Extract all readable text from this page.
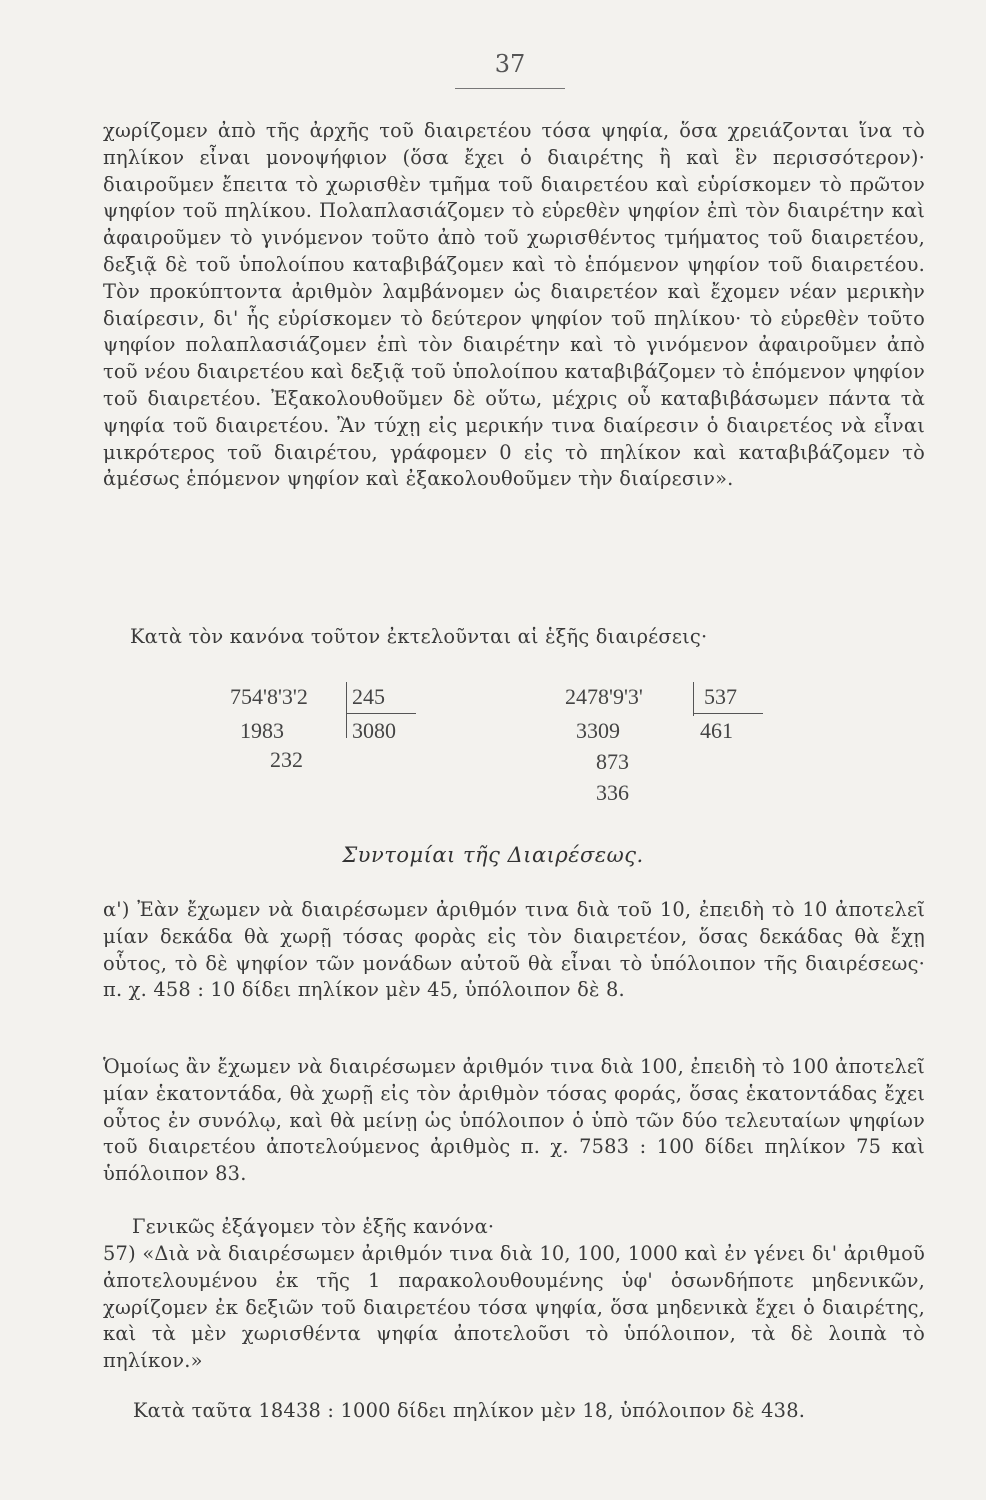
37
χωρίζομεν ἀπὸ τῆς ἀρχῆς τοῦ διαιρετέου τόσα ψηφία, ὅσα χρειάζονται ἵνα τὸ πηλίκον εἶναι μονοψήφιον (ὅσα ἔχει ὁ διαιρέτης ἢ καὶ ἓν περισσότερον)· διαιροῦμεν ἔπειτα τὸ χωρισθὲν τμῆμα τοῦ διαιρετέου καὶ εὑρίσκομεν τὸ πρῶτον ψηφίον τοῦ πηλίκου. Πολαπλασιάζομεν τὸ εὑρεθὲν ψηφίον ἐπὶ τὸν διαιρέτην καὶ ἀφαιροῦμεν τὸ γινόμενον τοῦτο ἀπὸ τοῦ χωρισθέντος τμήματος τοῦ διαιρετέου, δεξιᾷ δὲ τοῦ ὑπολοίπου καταβιβάζομεν καὶ τὸ ἑπόμενον ψηφίον τοῦ διαιρετέου. Τὸν προκύπτοντα ἀριθμὸν λαμβάνομεν ὡς διαιρετέον καὶ ἔχομεν νέαν μερικὴν διαίρεσιν, δι' ἧς εὑρίσκομεν τὸ δεύτερον ψηφίον τοῦ πηλίκου· τὸ εὑρεθὲν τοῦτο ψηφίον πολαπλασιάζομεν ἐπὶ τὸν διαιρέτην καὶ τὸ γινόμενον ἀφαιροῦμεν ἀπὸ τοῦ νέου διαιρετέου καὶ δεξιᾷ τοῦ ὑπολοίπου καταβιβάζομεν τὸ ἑπόμενον ψηφίον τοῦ διαιρετέου. Ἐξακολουθοῦμεν δὲ οὕτω, μέχρις οὗ καταβιβάσωμεν πάντα τὰ ψηφία τοῦ διαιρετέου. Ἂν τύχῃ εἰς μερικήν τινα διαίρεσιν ὁ διαιρετέος νὰ εἶναι μικρότερος τοῦ διαιρέτου, γράφομεν 0 εἰς τὸ πηλίκον καὶ καταβιβάζομεν τὸ ἀμέσως ἑπόμενον ψηφίον καὶ ἐξακολουθοῦμεν τὴν διαίρεσιν».
Κατὰ τὸν κανόνα τοῦτον ἐκτελοῦνται αἱ ἑξῆς διαιρέσεις·
754'8'3'2 245
3080
1983
232
2478'9'3'	537
461
3309
873
336
Συντομίαι τῆς Διαιρέσεως.
α') Ἐὰν ἔχωμεν νὰ διαιρέσωμεν ἀριθμόν τινα διὰ τοῦ 10, ἐπειδὴ τὸ 10 ἀποτελεῖ μίαν δεκάδα θὰ χωρῇ τόσας φορὰς εἰς τὸν διαιρετέον, ὅσας δεκάδας θὰ ἔχῃ οὗτος, τὸ δὲ ψηφίον τῶν μονάδων αὐτοῦ θὰ εἶναι τὸ ὑπόλοιπον τῆς διαιρέσεως· π. χ. 458 : 10 δίδει πηλίκον μὲν 45, ὑπόλοιπον δὲ 8.
Ὁμοίως ἂν ἔχωμεν νὰ διαιρέσωμεν ἀριθμόν τινα διὰ 100, ἐπειδὴ τὸ 100 ἀποτελεῖ μίαν ἑκατοντάδα, θὰ χωρῇ εἰς τὸν ἀριθμὸν τόσας φοράς, ὅσας ἑκατοντάδας ἔχει οὗτος ἐν συνόλῳ, καὶ θὰ μείνῃ ὡς ὑπόλοιπον ὁ ὑπὸ τῶν δύο τελευταίων ψηφίων τοῦ διαιρετέου ἀποτελούμενος ἀριθμὸς π. χ. 7583 : 100 δίδει πηλίκον 75 καὶ ὑπόλοιπον 83.
Γενικῶς ἐξάγομεν τὸν ἑξῆς κανόνα·
57) «Διὰ νὰ διαιρέσωμεν ἀριθμόν τινα διὰ 10, 100, 1000 καὶ ἐν γένει δι' ἀριθμοῦ ἀποτελουμένου ἐκ τῆς 1 παρακολουθουμένης ὑφ' ὁσωνδήποτε μηδενικῶν, χωρίζομεν ἐκ δεξιῶν τοῦ διαιρετέου τόσα ψηφία, ὅσα μηδενικὰ ἔχει ὁ διαιρέτης, καὶ τὰ μὲν χωρισθέντα ψηφία ἀποτελοῦσι τὸ ὑπόλοιπον, τὰ δὲ λοιπὰ τὸ πηλίκον.»
Κατὰ ταῦτα 18438 : 1000 δίδει πηλίκον μὲν 18, ὑπόλοιπον δὲ 438.
